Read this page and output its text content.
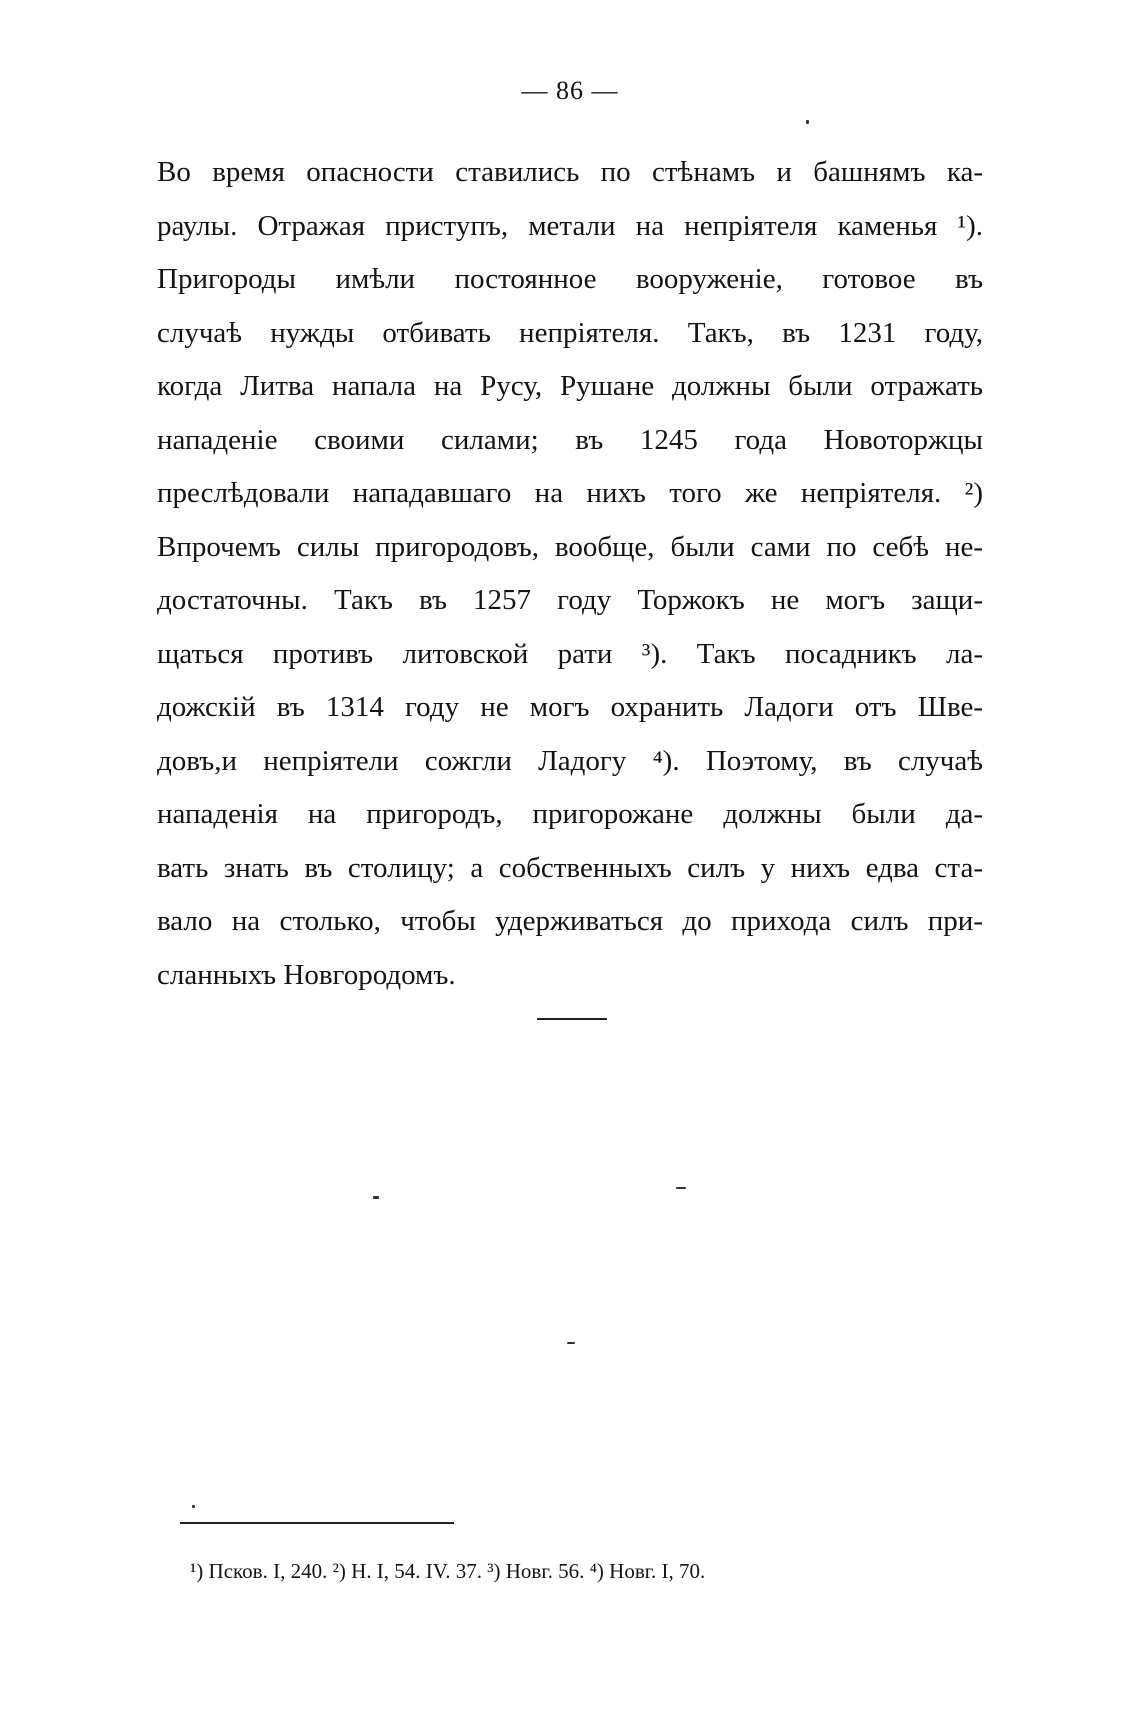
— 86 —
Во время опасности ставились по стѣнамъ и башнямъ ка-
раулы. Отражая приступъ, метали на непріятеля каменья ¹).
Пригороды имѣли постоянное вооруженіе, готовое въ
случаѣ нужды отбивать непріятеля. Такъ, въ 1231 году,
когда Литва напала на Русу, Рушане должны были отражать
нападеніе своими силами; въ 1245 года Новоторжцы
преслѣдовали нападавшаго на нихъ того же непріятеля. ²)
Впрочемъ силы пригородовъ, вообще, были сами по себѣ не-
достаточны. Такъ въ 1257 году Торжокъ не могъ защи-
щаться противъ литовской рати ³). Такъ посадникъ ла-
дожскій въ 1314 году не могъ охранить Ладоги отъ Шве-
довъ,и непріятели сожгли Ладогу ⁴). Поэтому, въ случаѣ
нападенія на пригородъ, пригорожане должны были да-
вать знать въ столицу; а собственныхъ силъ у нихъ едва ста-
вало на столько, чтобы удерживаться до прихода силъ при-
сланныхъ Новгородомъ.
¹) Псков. I, 240. ²) Н. I, 54. IV. 37. ³) Новг. 56. ⁴) Новг. I, 70.
